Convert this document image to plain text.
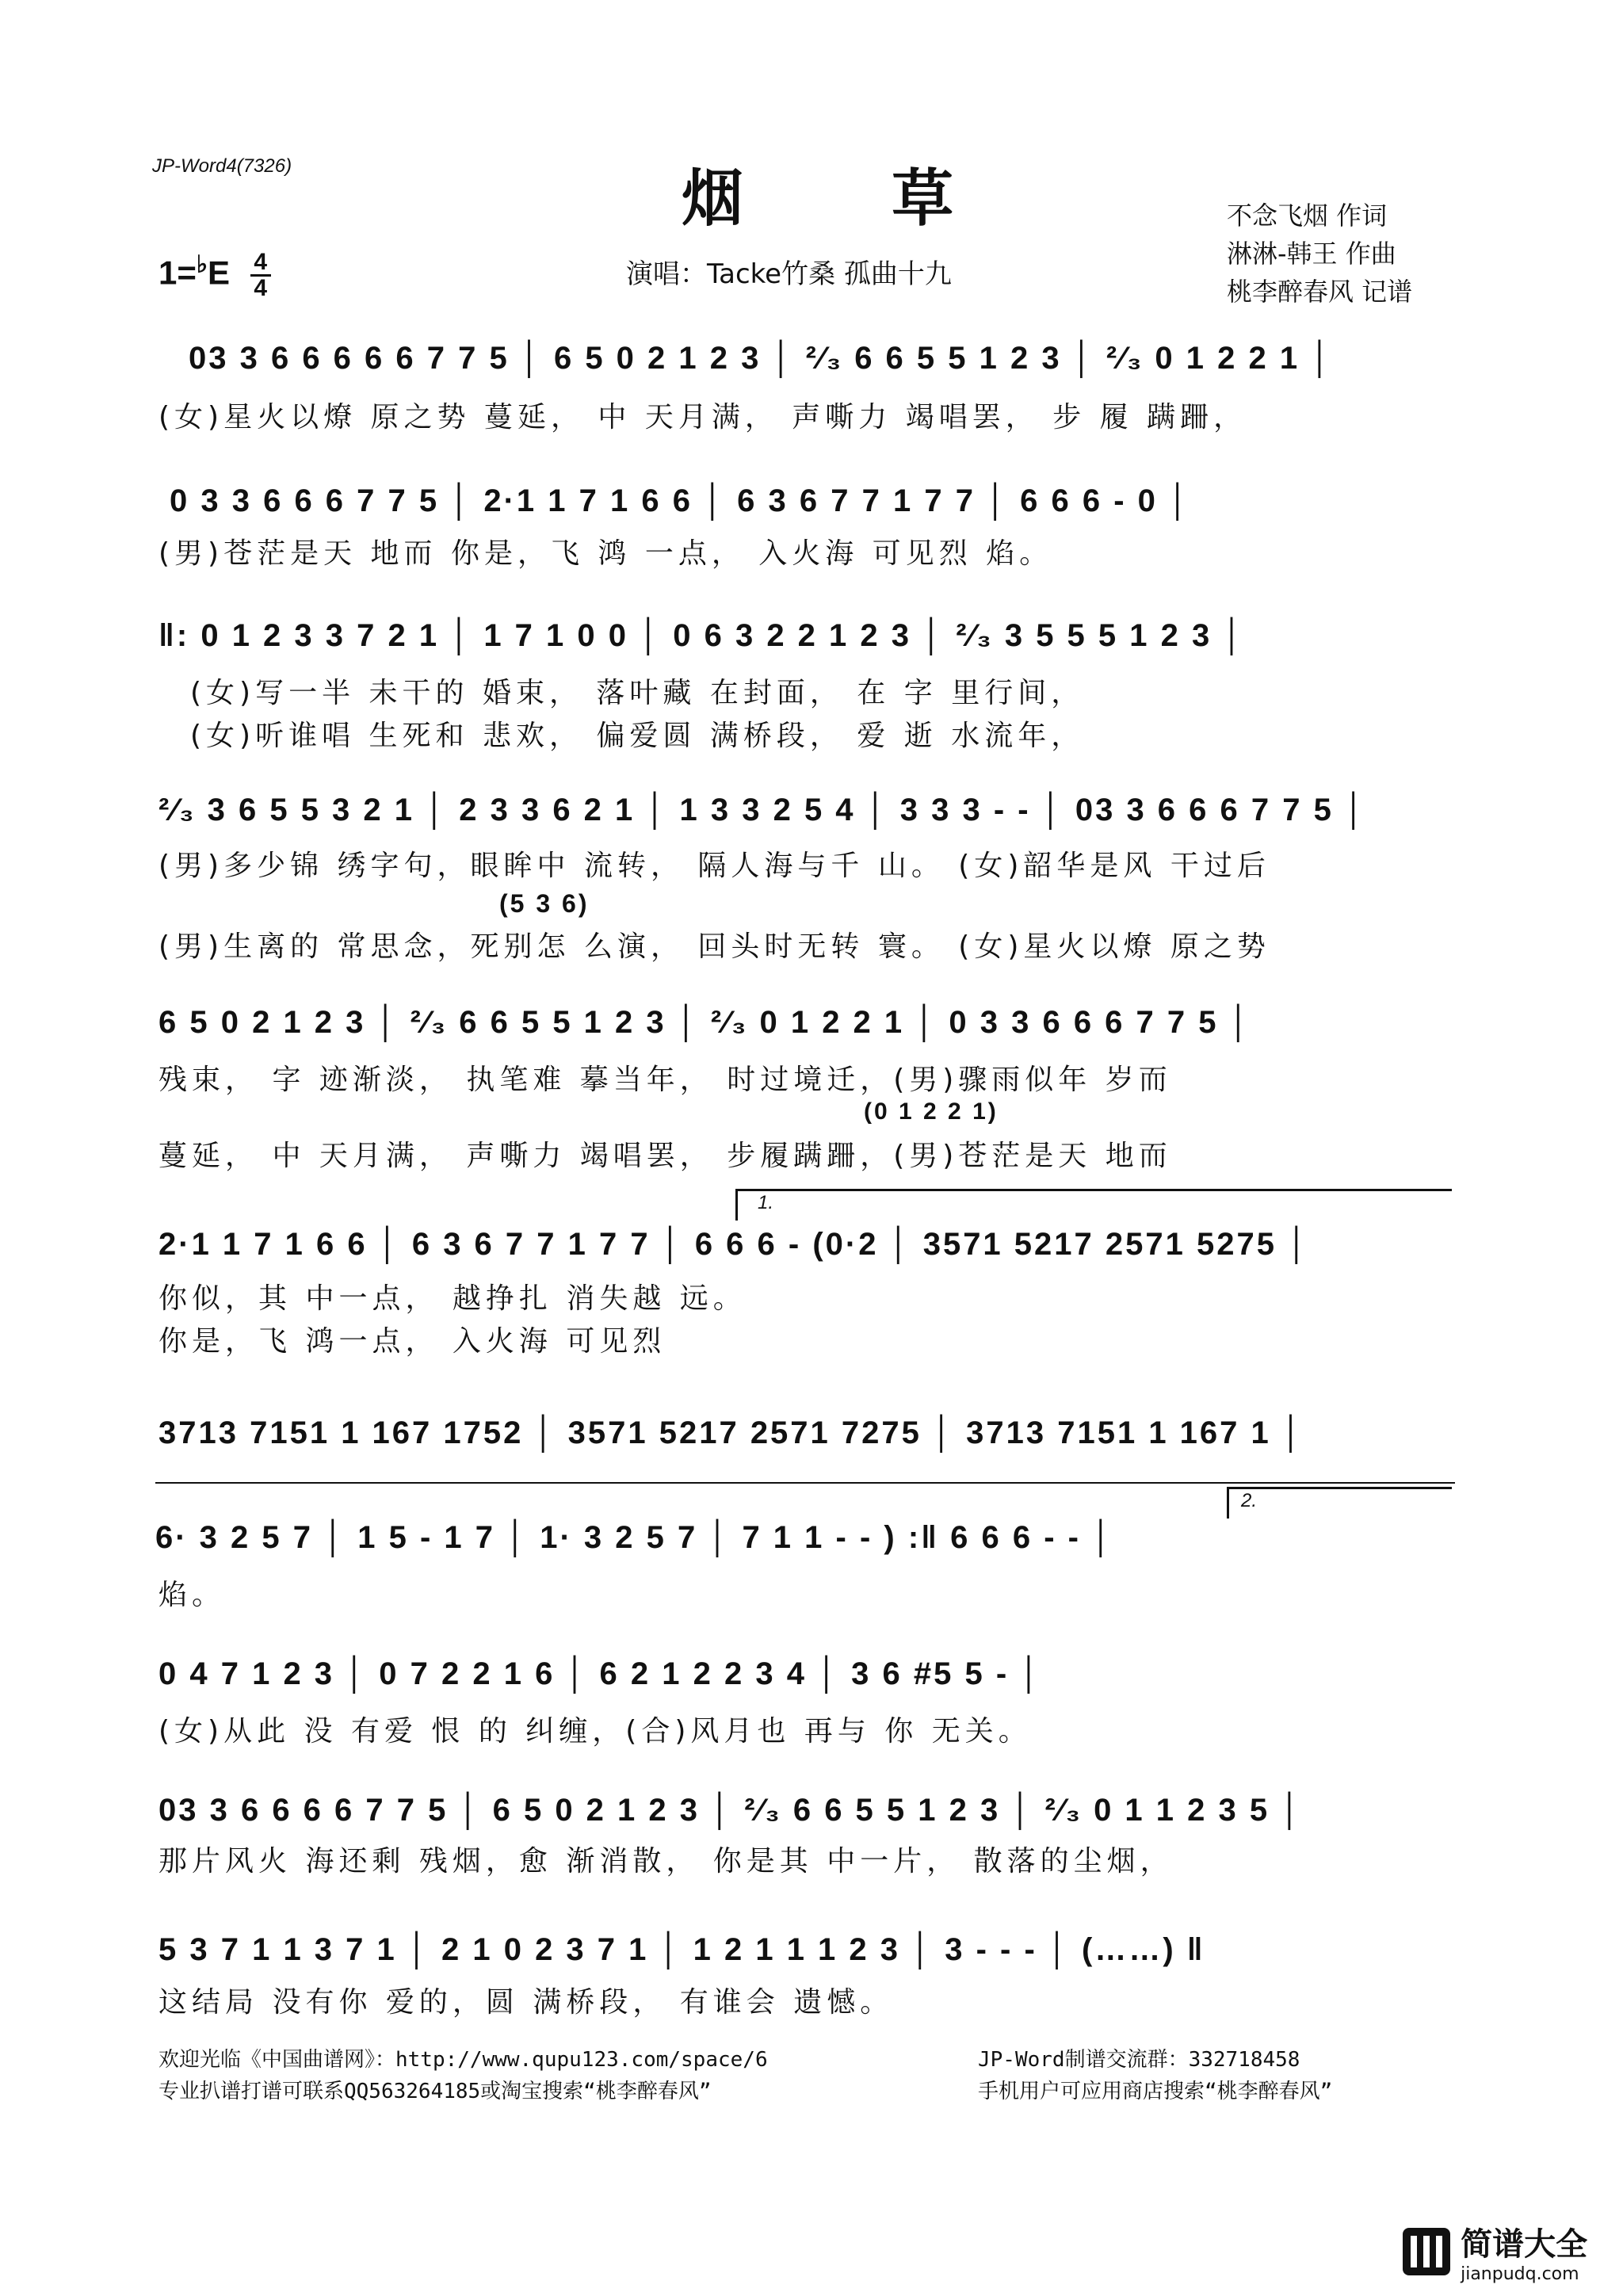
JP-Word4(7326)	烟 草
$1=^♭E \frac{4}{4}$	演唱：Tacke竹桑 孤曲十九
不念飞烟 作词
淋淋-韩王 作曲
桃李醉春风 记谱
03 3 6 6 6 6 6 7 7 5 │ 6 5 0 2 1 2 3 │ ²⁄₃ 6 6 5 5 1 2 3 │ ²⁄₃ 0 1 2 2 1 │
(女)星火以燎 原之势 蔓延， 中 天月满， 声嘶力 竭唱罢， 步 履 蹒跚，
0 3 3 6 6 6 7 7 5 │ 2·1 1 7 1 6 6 │ 6 3 6 7 7 1 7 7 │ 6 6 6 - 0 │
(男)苍茫是天 地而 你是，飞 鸿 一点， 入火海 可见烈 焰。
‖: 0 1 2 3 3 7 2 1 │ 1 7 1 0 0 │ 0 6 3 2 2 1 2 3 │ ²⁄₃ 3 5 5 5 1 2 3 │
(女)写一半 未干的 婚束， 落叶藏 在封面， 在 字 里行间，
(女)听谁唱 生死和 悲欢， 偏爱圆 满桥段， 爱 逝 水流年，
²⁄₃ 3 6 5 5 3 2 1 │ 2 3 3 6 2 1 │ 1 3 3 2 5 4 │ 3 3 3 - - │ 03 3 6 6 6 7 7 5 │
(男)多少锦 绣字句，眼眸中 流转， 隔人海与千 山。 (女)韶华是风 干过后
(5 3 6)
(男)生离的 常思念，死别怎 么演， 回头时无转 寰。 (女)星火以燎 原之势
6 5 0 2 1 2 3 │ ²⁄₃ 6 6 5 5 1 2 3 │ ²⁄₃ 0 1 2 2 1 │ 0 3 3 6 6 6 7 7 5 │
残束， 字 迹渐淡， 执笔难 摹当年， 时过境迁，(男)骤雨似年 岁而
(0 1 2 2 1)
蔓延， 中 天月满， 声嘶力 竭唱罢， 步履蹒跚，(男)苍茫是天 地而
1.
2·1 1 7 1 6 6 │ 6 3 6 7 7 1 7 7 │ 6 6 6 - (0·2 │ 3571 5217 2571 5275 │
你似，其 中一点， 越挣扎 消失越 远。
你是，飞 鸿一点， 入火海 可见烈
3713 7151 1 167 1752 │ 3571 5217 2571 7275 │ 3713 7151 1 167 1 │
2.
6· 3 2 5 7 │ 1 5 - 1 7 │ 1· 3 2 5 7 │ 7 1 1 - - ) :‖ 6 6 6 - - │
焰。
0 4 7 1 2 3 │ 0 7 2 2 1 6 │ 6 2 1 2 2 3 4 │ 3 6 #5 5 - │
(女)从此 没 有爱 恨 的 纠缠，(合)风月也 再与 你 无关。
03 3 6 6 6 6 7 7 5 │ 6 5 0 2 1 2 3 │ ²⁄₃ 6 6 5 5 1 2 3 │ ²⁄₃ 0 1 1 2 3 5 │
那片风火 海还剩 残烟，愈 渐消散， 你是其 中一片， 散落的尘烟，
5 3 7 1 1 3 7 1 │ 2 1 0 2 3 7 1 │ 1 2 1 1 1 2 3 │ 3 - - - │ (……) ‖
这结局 没有你 爱的，圆 满桥段， 有谁会 遗憾。
欢迎光临《中国曲谱网》：http://www.qupu123.com/space/6	JP-Word制谱交流群：332718458
专业扒谱打谱可联系QQ563264185或淘宝搜索“桃李醉春风”	手机用户可应用商店搜索“桃李醉春风”

简谱大全
jianpudq.com
